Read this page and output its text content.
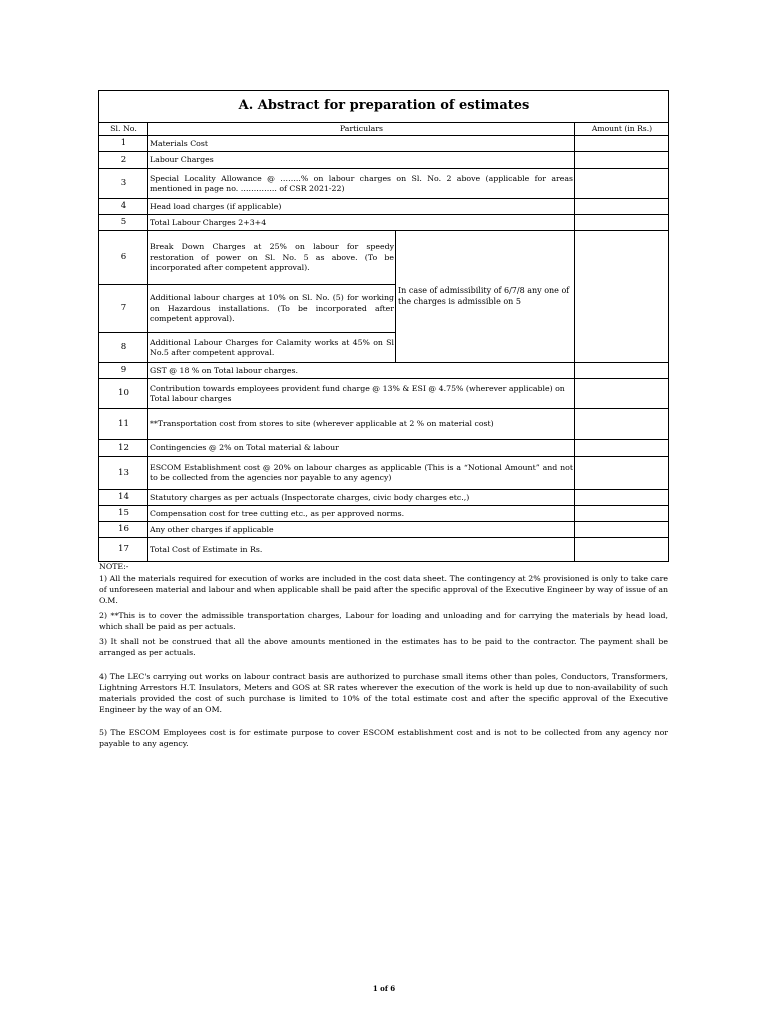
A. Abstract for preparation of estimates			
Sl. No.	Particulars		Amount (in Rs.)
1	Materials Cost		
2	Labour Charges		
3	Special Locality Allowance @ ……..% on labour charges on Sl. No. 2 above (applicable for areas mentioned in page no. ………….. of CSR 2021-22)		
4	Head load charges (if applicable)		
5	Total Labour Charges 2+3+4		
6	Break Down Charges at 25% on labour for speedy restoration of power on Sl. No. 5 as above. (To be incorporated after competent approval).	In case of admissibility of 6/7/8 any one of the charges is admissible on 5	
7	Additional labour charges at 10% on Sl. No. (5) for working on Hazardous installations. (To be incorporated after competent approval).		
8	Additional Labour Charges for Calamity works at 45% on Sl No.5 after competent approval.		
9	GST @ 18 % on Total labour charges.		
10	Contribution towards employees provident fund charge @ 13% & ESI @ 4.75% (wherever applicable) on Total labour charges		
11	**Transportation cost from stores to site (wherever applicable at 2 % on material cost)		
12	Contingencies @ 2% on Total material & labour		
13	ESCOM Establishment cost @ 20% on labour charges as applicable (This is a “Notional Amount” and not to be collected from the agencies nor payable to any agency)		
14	Statutory charges as per actuals (Inspectorate charges, civic body charges etc.,)		
15	Compensation cost for tree cutting etc., as per approved norms.		
16	Any other charges if applicable		
17	Total Cost of Estimate in Rs.		

NOTE:-

1) All the materials required for execution of works are included in the cost data sheet. The contingency at 2% provisioned is only to take care of unforeseen material and labour and when applicable shall be paid after the specific approval of the Executive Engineer by way of issue of an O.M.

2) **This is to cover the admissible transportation charges, Labour for loading and unloading and for carrying the materials by head load, which shall be paid as per actuals.

3) It shall not be construed that all the above amounts mentioned in the estimates has to be paid to the contractor. The payment shall be arranged as per actuals.

4) The LEC's carrying out works on labour contract basis are authorized to purchase small items other than poles, Conductors, Transformers, Lightning Arrestors H.T. Insulators, Meters and GOS at SR rates wherever the execution of the work is held up due to non-availability of such materials provided the cost of such purchase is limited to 10% of the total estimate cost and after the specific approval of the Executive Engineer by the way of an OM.

5) The ESCOM Employees cost is for estimate purpose to cover ESCOM establishment cost and is not to be collected from any agency nor payable to any agency.

1 of 6
